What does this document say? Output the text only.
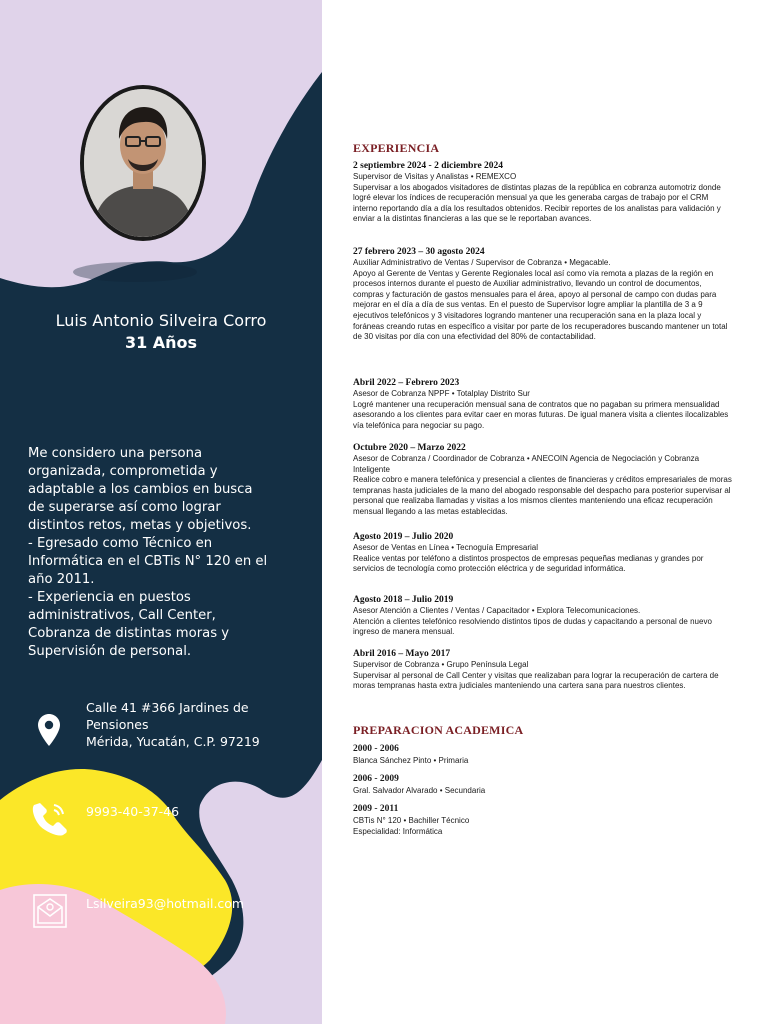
Luis Antonio Silveira Corro
31 Años

Me considero una persona organizada, comprometida y adaptable a los cambios en busca de superarse así como lograr distintos retos, metas y objetivos.

- Egresado como Técnico en Informática en el CBTis N° 120 en el año 2011.

- Experiencia en puestos administrativos, Call Center, Cobranza de distintas moras y Supervisión de personal.

Calle 41 #366 Jardines de Pensiones
Mérida, Yucatán, C.P. 97219
9993-40-37-46
Lsilveira93@hotmail.com
EXPERIENCIA
2 septiembre 2024 - 2 diciembre 2024
Supervisor de Visitas y Analistas • REMEXCO

Supervisar a los abogados visitadores de distintas plazas de la república en cobranza automotriz donde logré elevar los índices de recuperación mensual ya que les generaba cargas de trabajo por el CRM interno reportando día a día los resultados obtenidos. Recibir reportes de los analistas para validación y enviar a la distintas financieras a las que se le reportaban avances.

27 febrero 2023 – 30 agosto 2024
Auxiliar Administrativo de Ventas / Supervisor de Cobranza • Megacable.

Apoyo al Gerente de Ventas y Gerente Regionales local así como vía remota a plazas de la región en procesos internos durante el puesto de Auxiliar administrativo, llevando un control de documentos, compras y facturación de gastos mensuales para el área, apoyo al personal de campo con dudas para mejorar en el día a día de sus ventas. En el puesto de Supervisor logre ampliar la plantilla de 3 a 9 ejecutivos telefónicos y 3 visitadores logrando mantener una recuperación sana en la plaza local y foráneas creando rutas en específico a visitar por parte de los recuperadores buscando mantener un total de 30 visitas por día con una efectividad del 80% de contactabilidad.

Abril 2022 – Febrero 2023
Asesor de Cobranza NPPF • Totalplay Distrito Sur

Logré mantener una recuperación mensual sana de contratos que no pagaban su primera mensualidad asesorando a los clientes para evitar caer en moras futuras. De igual manera visita a clientes ilocalizables vía telefónica para negociar su pago.

Octubre 2020 – Marzo 2022
Asesor de Cobranza / Coordinador de Cobranza • ANECOIN Agencia de Negociación y Cobranza Inteligente

Realice cobro e manera telefónica y presencial a clientes de financieras y créditos empresariales de moras tempranas hasta judiciales de la mano del abogado responsable del despacho para posterior supervisar al personal que realizaba llamadas y visitas a los mismos clientes manteniendo una eficaz recuperación mensual llegando a las metas establecidas.

Agosto 2019 – Julio 2020
Asesor de Ventas en Línea • Tecnoguía Empresarial

Realice ventas por teléfono a distintos prospectos de empresas pequeñas medianas y grandes por servicios de tecnología como protección eléctrica y de seguridad informática.

Agosto 2018 – Julio 2019
Asesor Atención a Clientes / Ventas / Capacitador • Explora Telecomunicaciones.

Atención a clientes telefónico resolviendo distintos tipos de dudas y capacitando a personal de nuevo ingreso de manera mensual.

Abril 2016 – Mayo 2017
Supervisor de Cobranza • Grupo Península Legal

Supervisar al personal de Call Center y visitas que realizaban para lograr la recuperación de cartera de moras tempranas hasta extra judiciales manteniendo una cartera sana para nuestros clientes.

PREPARACION ACADEMICA
2000 - 2006
Blanca Sánchez Pinto • Primaria
2006 - 2009
Gral. Salvador Alvarado • Secundaria
2009 - 2011
CBTis N° 120 • Bachiller Técnico
Especialidad: Informática
